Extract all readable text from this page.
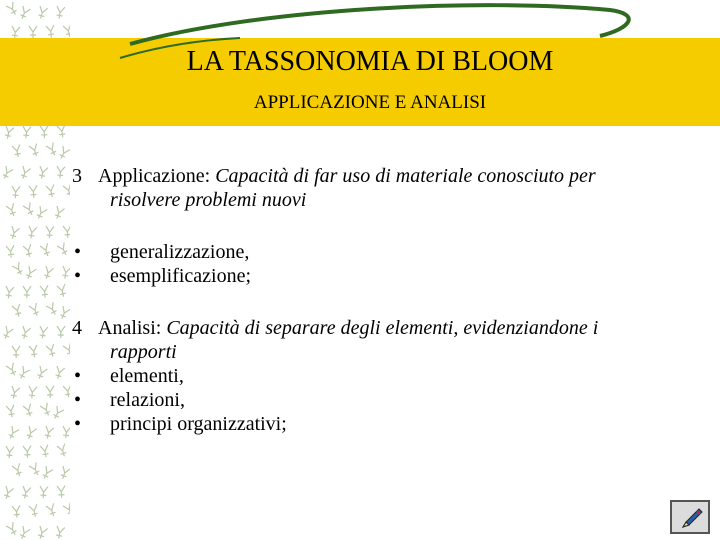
LA TASSONOMIA DI BLOOM
APPLICAZIONE E ANALISI

3 Applicazione: Capacità di far uso di materiale conosciuto per

risolvere problemi nuovi
• generalizzazione,
• esemplificazione;

4 Analisi: Capacità di separare degli elementi, evidenziandone i

rapporti
• elementi,
• relazioni,
• principi organizzativi;
